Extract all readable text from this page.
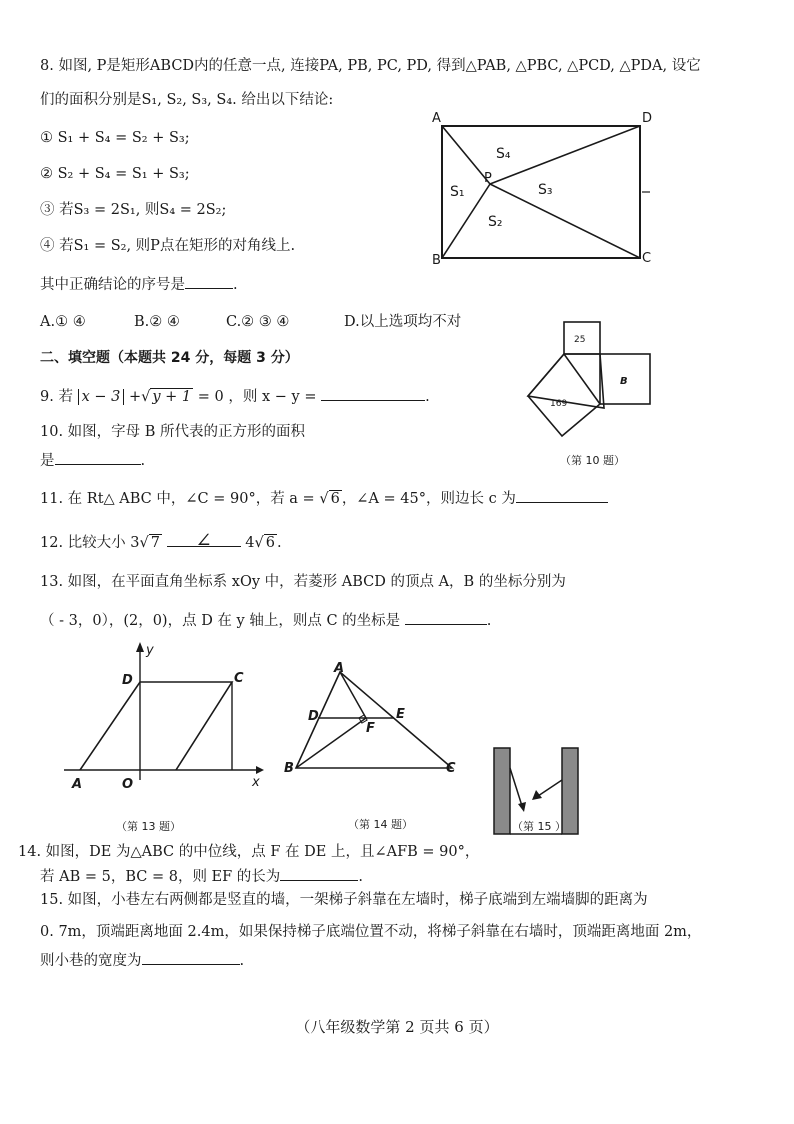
8. 如图, P是矩形ABCD内的任意一点, 连接PA, PB, PC, PD, 得到△PAB, △PBC, △PCD, △PDA, 设它
们的面积分别是S₁, S₂, S₃, S₄. 给出以下结论:
① S₁ + S₄ = S₂ + S₃;
② S₂ + S₄ = S₁ + S₃;
③ 若S₃ = 2S₁, 则S₄ = 2S₂;
④ 若S₁ = S₂, 则P点在矩形的对角线上.
其中正确结论的序号是	.
A.① ④	B.② ④	C.② ③ ④	D.以上选项均不对
A	D
B	C
P
S₁
S₂
S₃
S₄
二、填空题（本题共 24 分，每题 3 分）
9. 若 x − 3 +√ y + 1 = 0 ，则 x − y =	.
10. 如图，字母 B 所代表的正方形的面积
是	.
25
169
B
（第 10 题）
11. 在 Rt△ ABC 中，∠C = 90°，若 a = √ 6 ，∠A = 45°，则边长 c 为
12. 比较大小 3√ 7 ∠ 4√ 6 .
13. 如图，在平面直角坐标系 xOy 中，若菱形 ABCD 的顶点 A，B 的坐标分别为
（ - 3，0），(2，0)，点 D 在 y 轴上，则点 C 的坐标是	.
y
x
D	C
A	O
（第 13 题）
A
B	C
D	E
F
（第 14 题）	（第 15 ）
14. 如图，DE 为△ABC 的中位线，点 F 在 DE 上，且∠AFB = 90°，
若 AB = 5，BC = 8，则 EF 的长为	.
15. 如图，小巷左右两侧都是竖直的墙，一架梯子斜靠在左墙时，梯子底端到左端墙脚的距离为
0. 7m，顶端距离地面 2.4m，如果保持梯子底端位置不动，将梯子斜靠在右墙时，顶端距离地面 2m，
则小巷的宽度为	.
（八年级数学第 2 页共 6 页）
